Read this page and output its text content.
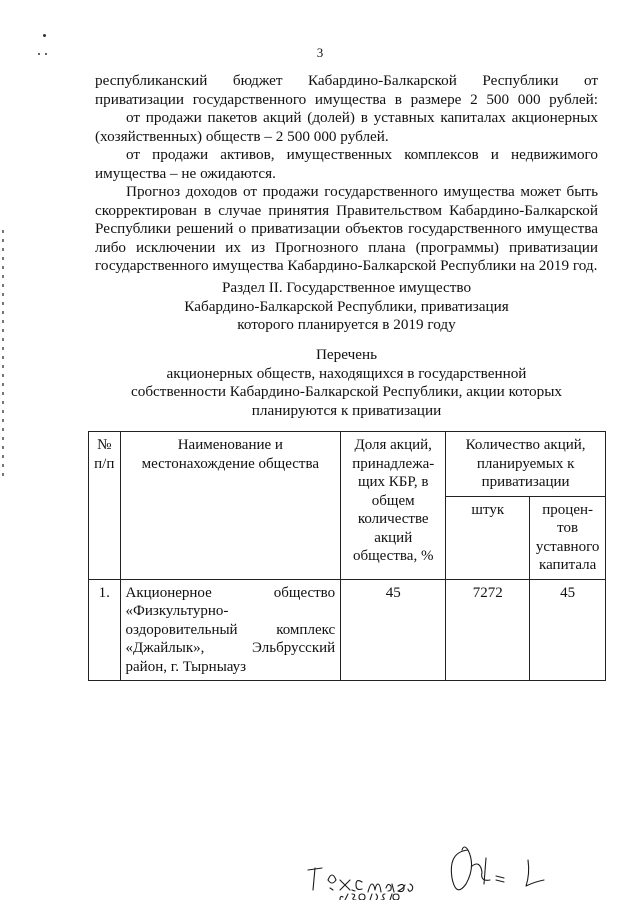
3

республиканский бюджет Кабардино-Балкарской Республики от приватизации государственного имущества в размере 2 500 000 рублей:

от продажи пакетов акций (долей) в уставных капиталах акционерных (хозяйственных) обществ – 2 500 000 рублей.

от продажи активов, имущественных комплексов и недвижимого имущества – не ожидаются.

Прогноз доходов от продажи государственного имущества может быть скорректирован в случае принятия Правительством Кабардино-Балкарской Республики решений о приватизации объектов государственного имущества либо исключении их из Прогнозного плана (программы) приватизации государственного имущества Кабардино-Балкарской Республики на 2019 год.

Раздел II. Государственное имущество

Кабардино-Балкарской Республики, приватизация

которого планируется в 2019 году

Перечень

акционерных обществ, находящихся в государственной

собственности Кабардино-Балкарской Республики, акции которых

планируются к приватизации

№ п/п	Наименование и местонахождение общества	Доля акций, принадлежа-щих КБР, в общем количестве акций общества, %	Количество акций, планируемых к приватизации	
			штук	процен-тов уставного капитала
1.	Акционерное общество «Физкультурно-оздоровительный комплекс «Джайлык», Эльбрусский район, г. Тырныауз	45	7272	45
